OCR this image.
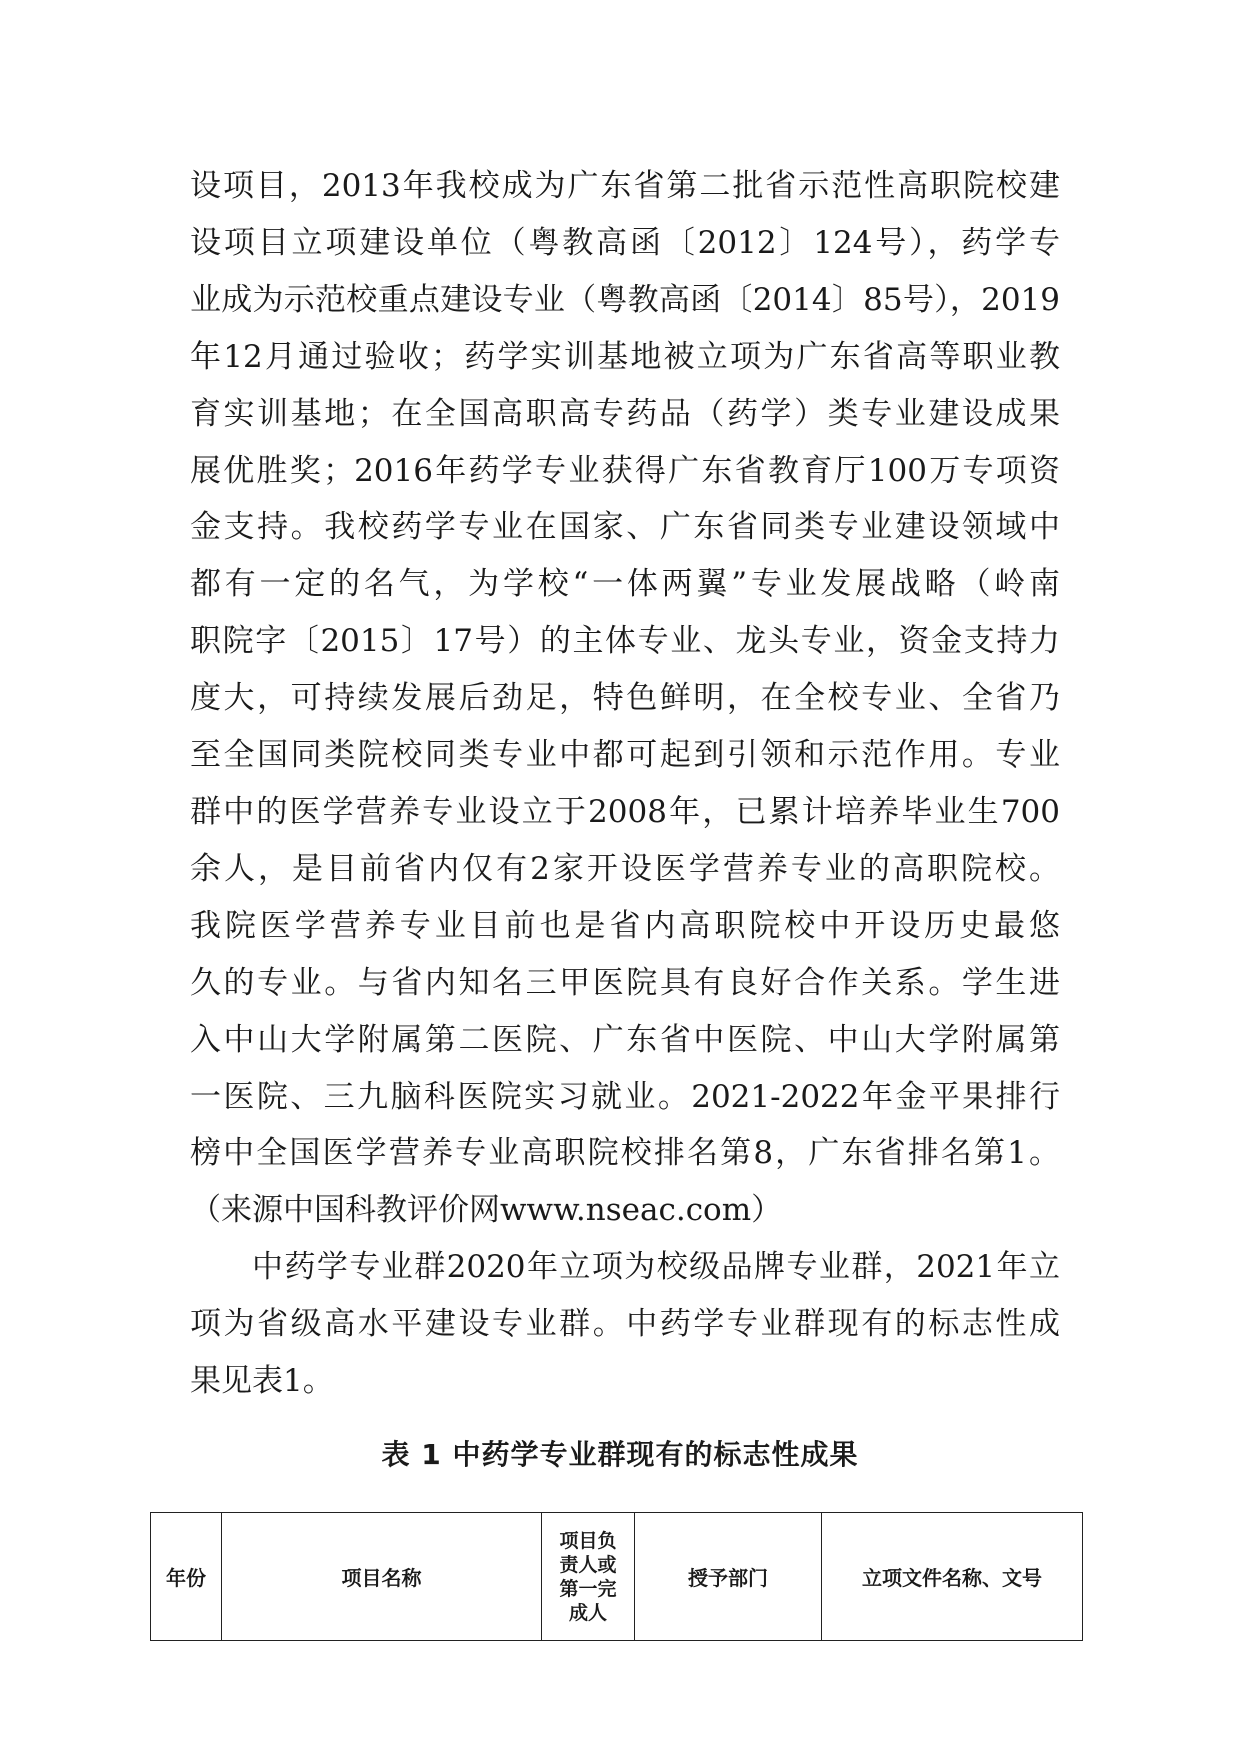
设项目，2013年我校成为广东省第二批省示范性高职院校建
设项目立项建设单位（粤教高函〔2012〕124号），药学专
业成为示范校重点建设专业（粤教高函〔2014〕85号），2019
年12月通过验收；药学实训基地被立项为广东省高等职业教
育实训基地；在全国高职高专药品（药学）类专业建设成果
展优胜奖；2016年药学专业获得广东省教育厅100万专项资
金支持。我校药学专业在国家、广东省同类专业建设领域中
都有一定的名气，为学校“一体两翼”专业发展战略（岭南
职院字〔2015〕17号）的主体专业、龙头专业，资金支持力
度大，可持续发展后劲足，特色鲜明，在全校专业、全省乃
至全国同类院校同类专业中都可起到引领和示范作用。专业
群中的医学营养专业设立于2008年，已累计培养毕业生700
余人，是目前省内仅有2家开设医学营养专业的高职院校。
我院医学营养专业目前也是省内高职院校中开设历史最悠
久的专业。与省内知名三甲医院具有良好合作关系。学生进
入中山大学附属第二医院、广东省中医院、中山大学附属第
一医院、三九脑科医院实习就业。2021-2022年金平果排行
榜中全国医学营养专业高职院校排名第8，广东省排名第1。
（来源中国科教评价网www.nseac.com）
中药学专业群2020年立项为校级品牌专业群，2021年立
项为省级高水平建设专业群。中药学专业群现有的标志性成
果见表1。
表 1 中药学专业群现有的标志性成果
年份	项目名称	项目负
责人或
第一完
成人	授予部门	立项文件名称、文号
